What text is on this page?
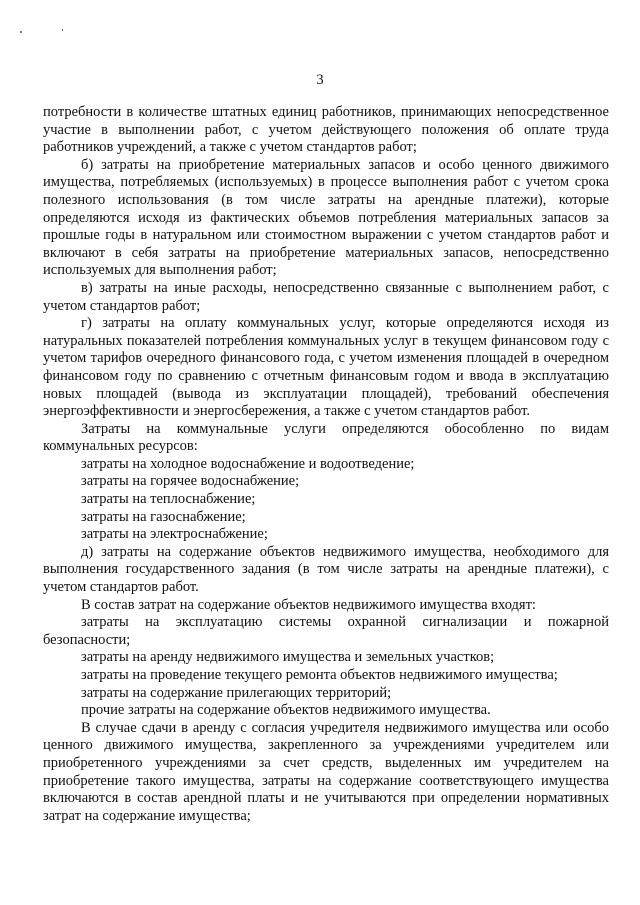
3

потребности в количестве штатных единиц работников, принимающих непосредственное участие в выполнении работ, с учетом действующего положения об оплате труда работников учреждений, а также с учетом стандартов работ;

б) затраты на приобретение материальных запасов и особо ценного движимого имущества, потребляемых (используемых) в процессе выполнения работ с учетом срока полезного использования (в том числе затраты на арендные платежи), которые определяются исходя из фактических объемов потребления материальных запасов за прошлые годы в натуральном или стоимостном выражении с учетом стандартов работ и включают в себя затраты на приобретение материальных запасов, непосредственно используемых для выполнения работ;

в) затраты на иные расходы, непосредственно связанные с выполнением работ, с учетом стандартов работ;

г) затраты на оплату коммунальных услуг, которые определяются исходя из натуральных показателей потребления коммунальных услуг в текущем финансовом году с учетом тарифов очередного финансового года, с учетом изменения площадей в очередном финансовом году по сравнению с отчетным финансовым годом и ввода в эксплуатацию новых площадей (вывода из эксплуатации площадей), требований обеспечения энергоэффективности и энергосбережения, а также с учетом стандартов работ.

Затраты на коммунальные услуги определяются обособленно по видам коммунальных ресурсов:

затраты на холодное водоснабжение и водоотведение;

затраты на горячее водоснабжение;

затраты на теплоснабжение;

затраты на газоснабжение;

затраты на электроснабжение;

д) затраты на содержание объектов недвижимого имущества, необходимого для выполнения государственного задания (в том числе затраты на арендные платежи), с учетом стандартов работ.

В состав затрат на содержание объектов недвижимого имущества входят:

затраты на эксплуатацию системы охранной сигнализации и пожарной безопасности;

затраты на аренду недвижимого имущества и земельных участков;

затраты на проведение текущего ремонта объектов недвижимого имущества;

затраты на содержание прилегающих территорий;

прочие затраты на содержание объектов недвижимого имущества.

В случае сдачи в аренду с согласия учредителя недвижимого имущества или особо ценного движимого имущества, закрепленного за учреждениями учредителем или приобретенного учреждениями за счет средств, выделенных им учредителем на приобретение такого имущества, затраты на содержание соответствующего имущества включаются в состав арендной платы и не учитываются при определении нормативных затрат на содержание имущества;
